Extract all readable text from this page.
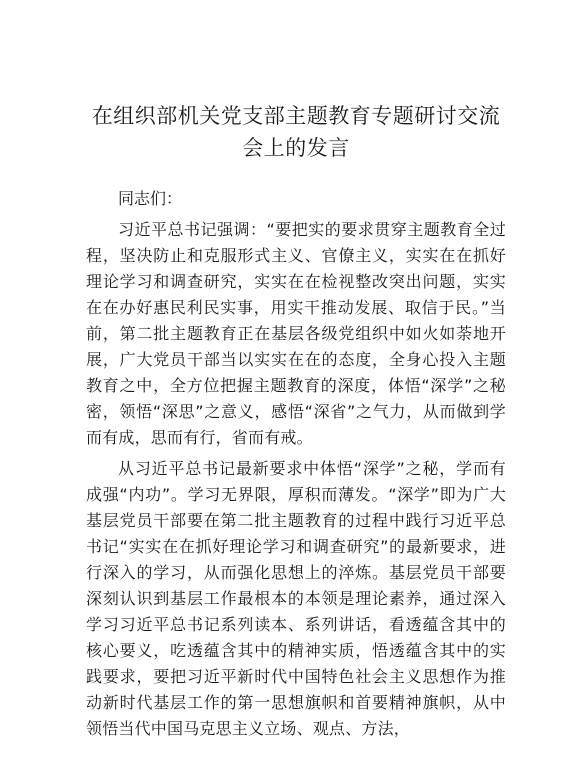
在组织部机关党支部主题教育专题研讨交流会上的发言

同志们：

习近平总书记强调：“要把实的要求贯穿主题教育全过程，坚决防止和克服形式主义、官僚主义，实实在在抓好理论学习和调查研究，实实在在检视整改突出问题，实实在在办好惠民利民实事，用实干推动发展、取信于民。”当前，第二批主题教育正在基层各级党组织中如火如荼地开展，广大党员干部当以实实在在的态度，全身心投入主题教育之中，全方位把握主题教育的深度，体悟“深学”之秘密，领悟“深思”之意义，感悟“深省”之气力，从而做到学而有成，思而有行，省而有戒。

从习近平总书记最新要求中体悟“深学”之秘，学而有成强“内功”。学习无界限，厚积而薄发。“深学”即为广大基层党员干部要在第二批主题教育的过程中践行习近平总书记“实实在在抓好理论学习和调查研究”的最新要求，进行深入的学习，从而强化思想上的淬炼。基层党员干部要深刻认识到基层工作最根本的本领是理论素养，通过深入学习习近平总书记系列读本、系列讲话，看透蕴含其中的核心要义，吃透蕴含其中的精神实质，悟透蕴含其中的实践要求，要把习近平新时代中国特色社会主义思想作为推动新时代基层工作的第一思想旗帜和首要精神旗帜，从中领悟当代中国马克思主义立场、观点、方法，
